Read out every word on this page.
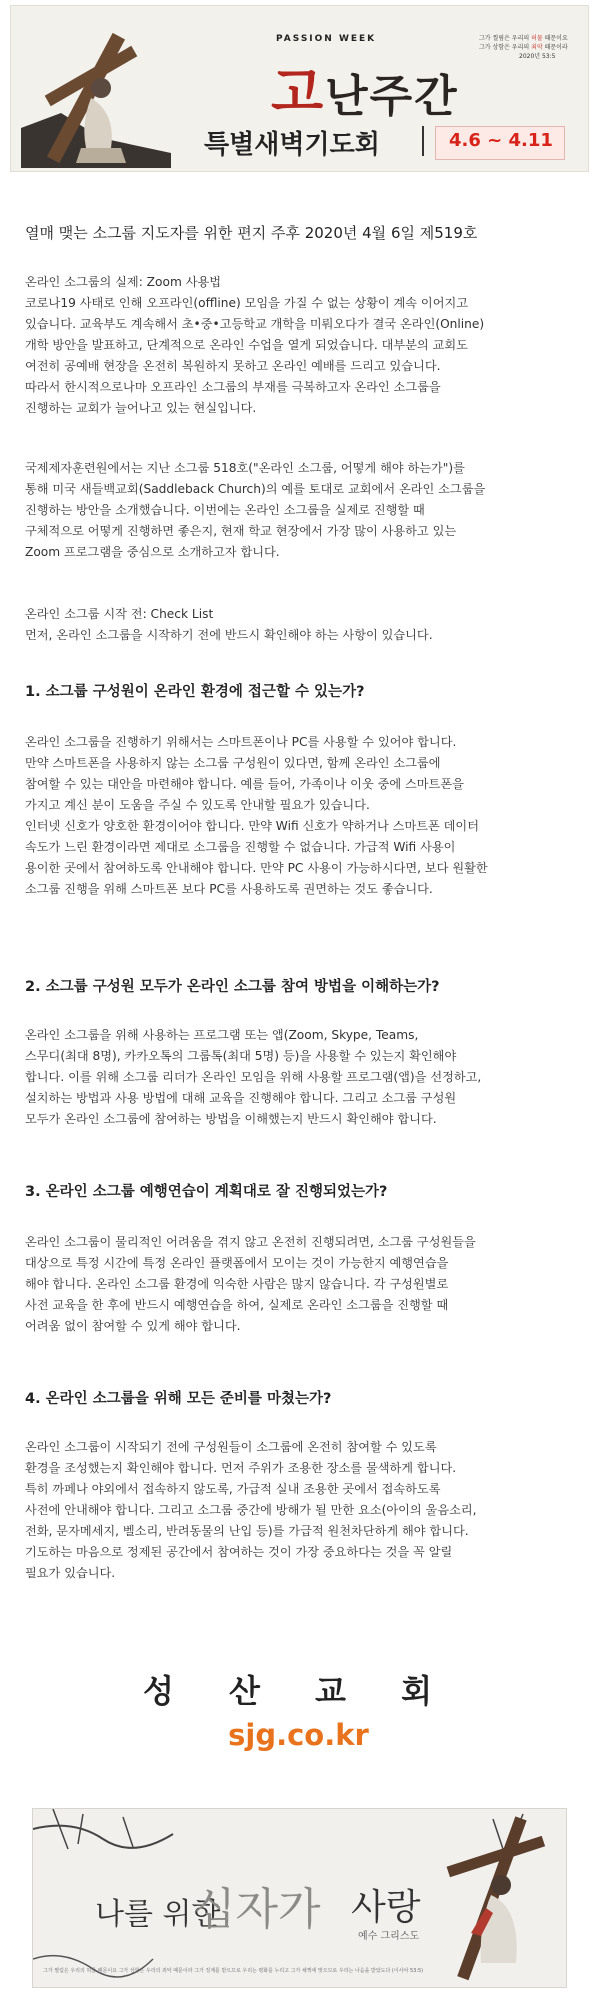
PASSION WEEK
고난주간
특별새벽기도회	4.6 ~ 4.11
그가 찔림은 우리의 허물 때문이요
그가 상함은 우리의 죄악 때문이라
2020년 53:5
열매 맺는 소그룹 지도자를 위한 편지 주후 2020년 4월 6일 제519호
온라인 소그룹의 실제: Zoom 사용법
코로나19 사태로 인해 오프라인(offline) 모임을 가질 수 없는 상황이 계속 이어지고
있습니다. 교육부도 계속해서 초•중•고등학교 개학을 미뤄오다가 결국 온라인(Online)
개학 방안을 발표하고, 단계적으로 온라인 수업을 열게 되었습니다. 대부분의 교회도
여전히 공예배 현장을 온전히 복원하지 못하고 온라인 예배를 드리고 있습니다.
따라서 한시적으로나마 오프라인 소그룹의 부재를 극복하고자 온라인 소그룹을
진행하는 교회가 늘어나고 있는 현실입니다.
국제제자훈련원에서는 지난 소그룹 518호("온라인 소그룹, 어떻게 해야 하는가")를
통해 미국 새들백교회(Saddleback Church)의 예를 토대로 교회에서 온라인 소그룹을
진행하는 방안을 소개했습니다. 이번에는 온라인 소그룹을 실제로 진행할 때
구체적으로 어떻게 진행하면 좋은지, 현재 학교 현장에서 가장 많이 사용하고 있는
Zoom 프로그램을 중심으로 소개하고자 합니다.
온라인 소그룹 시작 전: Check List
먼저, 온라인 소그룹을 시작하기 전에 반드시 확인해야 하는 사항이 있습니다.
1. 소그룹 구성원이 온라인 환경에 접근할 수 있는가?
온라인 소그룹을 진행하기 위해서는 스마트폰이나 PC를 사용할 수 있어야 합니다.
만약 스마트폰을 사용하지 않는 소그룹 구성원이 있다면, 함께 온라인 소그룹에
참여할 수 있는 대안을 마련해야 합니다. 예를 들어, 가족이나 이웃 중에 스마트폰을
가지고 계신 분이 도움을 주실 수 있도록 안내할 필요가 있습니다.
인터넷 신호가 양호한 환경이어야 합니다. 만약 Wifi 신호가 약하거나 스마트폰 데이터
속도가 느린 환경이라면 제대로 소그룹을 진행할 수 없습니다. 가급적 Wifi 사용이
용이한 곳에서 참여하도록 안내해야 합니다. 만약 PC 사용이 가능하시다면, 보다 원활한
소그룹 진행을 위해 스마트폰 보다 PC를 사용하도록 권면하는 것도 좋습니다.
2. 소그룹 구성원 모두가 온라인 소그룹 참여 방법을 이해하는가?
온라인 소그룹을 위해 사용하는 프로그램 또는 앱(Zoom, Skype, Teams,
스무디(최대 8명), 카카오톡의 그룹톡(최대 5명) 등)을 사용할 수 있는지 확인해야
합니다. 이를 위해 소그룹 리더가 온라인 모임을 위해 사용할 프로그램(앱)을 선정하고,
설치하는 방법과 사용 방법에 대해 교육을 진행해야 합니다. 그리고 소그룹 구성원
모두가 온라인 소그룹에 참여하는 방법을 이해했는지 반드시 확인해야 합니다.
3. 온라인 소그룹 예행연습이 계획대로 잘 진행되었는가?
온라인 소그룹이 물리적인 어려움을 겪지 않고 온전히 진행되려면, 소그룹 구성원들을
대상으로 특정 시간에 특정 온라인 플랫폼에서 모이는 것이 가능한지 예행연습을
해야 합니다. 온라인 소그룹 환경에 익숙한 사람은 많지 않습니다. 각 구성원별로
사전 교육을 한 후에 반드시 예행연습을 하여, 실제로 온라인 소그룹을 진행할 때
어려움 없이 참여할 수 있게 해야 합니다.
4. 온라인 소그룹을 위해 모든 준비를 마쳤는가?
온라인 소그룹이 시작되기 전에 구성원들이 소그룹에 온전히 참여할 수 있도록
환경을 조성했는지 확인해야 합니다. 먼저 주위가 조용한 장소를 물색하게 합니다.
특히 까페나 야외에서 접속하지 않도록, 가급적 실내 조용한 곳에서 접속하도록
사전에 안내해야 합니다. 그리고 소그룹 중간에 방해가 될 만한 요소(아이의 울음소리,
전화, 문자메세지, 벨소리, 반려동물의 난입 등)를 가급적 원천차단하게 해야 합니다.
기도하는 마음으로 정제된 공간에서 참여하는 것이 가장 중요하다는 것을 꼭 알릴
필요가 있습니다.
성 산 교 회
sjg.co.kr
나를 위한
십자가 사랑
예수 그리스도
그가 찔림은 우리의 허물 때문이요 그가 상함은 우리의 죄악 때문이라 그가 징계를 받으므로 우리는 평화를 누리고 그가 채찍에 맞으므로 우리는 나음을 받았도다 (이사야 53:5)
